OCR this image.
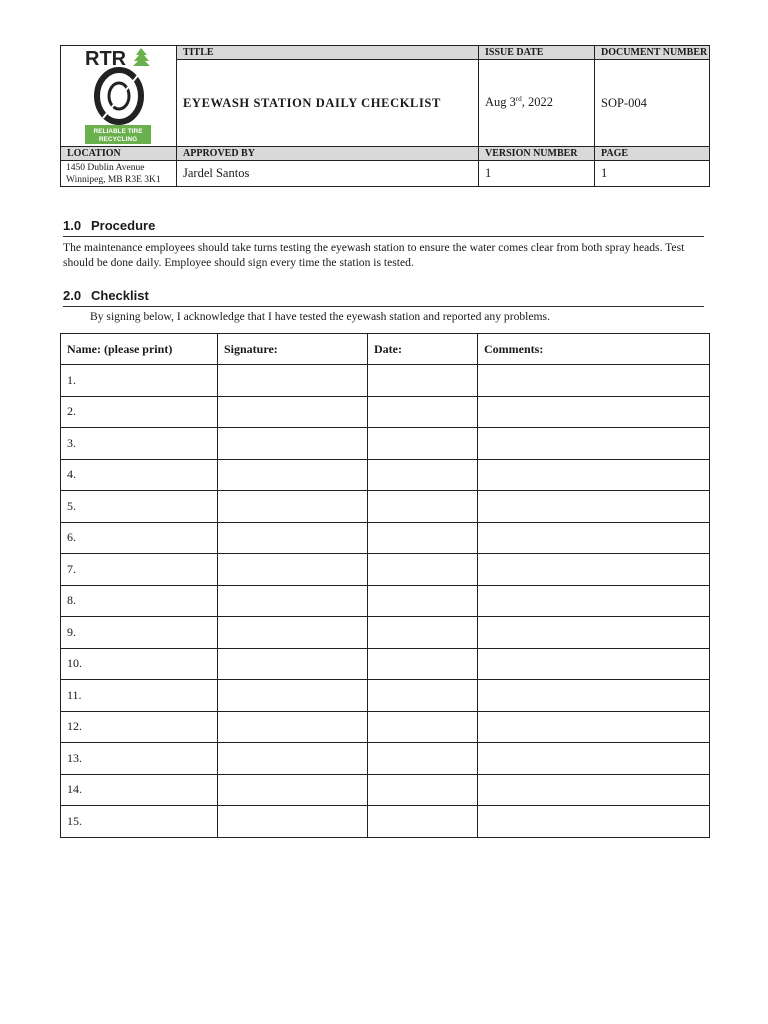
RTR
RELIABLE TIRE
RECYCLING	TITLE	ISSUE DATE	DOCUMENT NUMBER
	EYEWASH STATION DAILY CHECKLIST	Aug 3rd, 2022	SOP-004
LOCATION	APPROVED BY	VERSION NUMBER	PAGE

1450 Dublin Avenue
Winnipeg, MB R3E 3K1	Jardel Santos	1	1
1.0 Procedure

The maintenance employees should take turns testing the eyewash station to ensure the water comes clear from both spray heads. Test should be done daily. Employee should sign every time the station is tested.

2.0 Checklist

By signing below, I acknowledge that I have tested the eyewash station and reported any problems.

Name: (please print)	Signature:	Date:	Comments:
1.			
2.			
3.			
4.			
5.			
6.			
7.			
8.			
9.			
10.			
11.			
12.			
13.			
14.			
15.			
